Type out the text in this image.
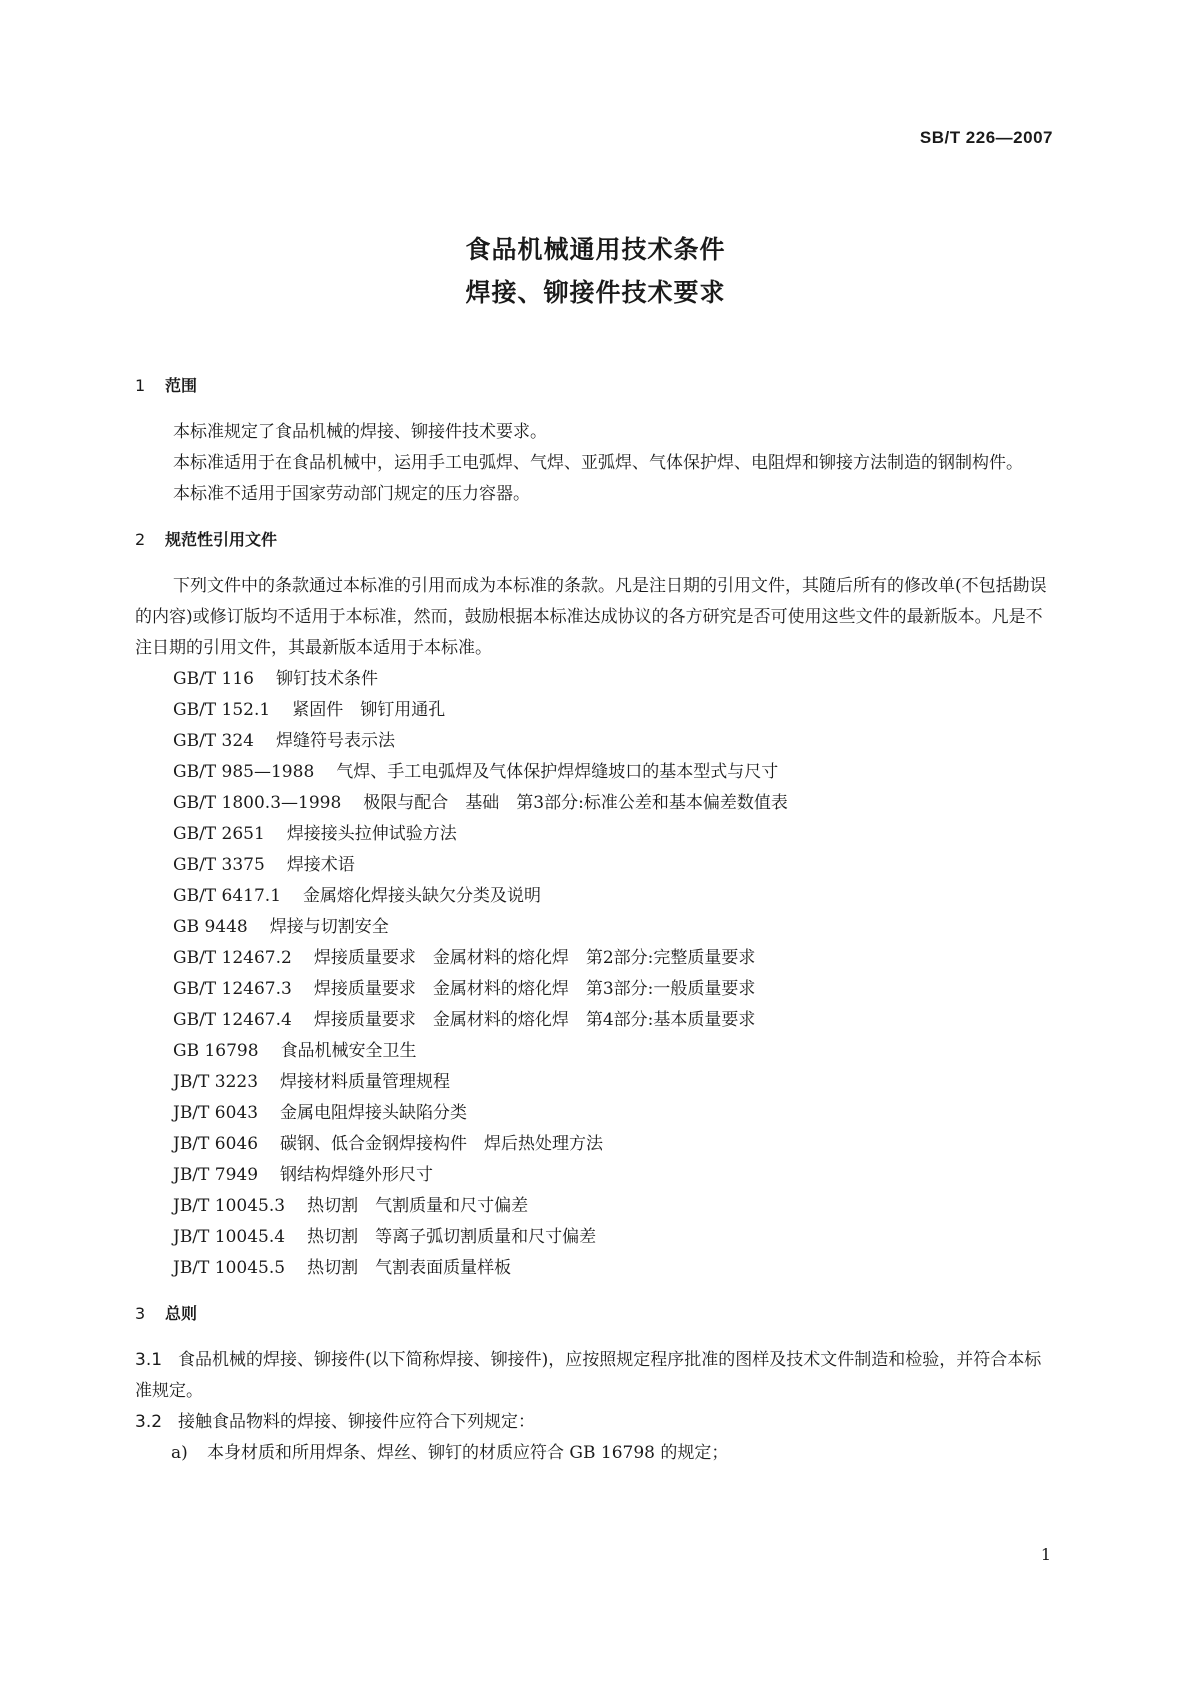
SB/T 226—2007
食品机械通用技术条件
焊接、铆接件技术要求
1 范围

本标准规定了食品机械的焊接、铆接件技术要求。

本标准适用于在食品机械中，运用手工电弧焊、气焊、亚弧焊、气体保护焊、电阻焊和铆接方法制造的钢制构件。

本标准不适用于国家劳动部门规定的压力容器。

2 规范性引用文件

下列文件中的条款通过本标准的引用而成为本标准的条款。凡是注日期的引用文件，其随后所有的修改单(不包括勘误的内容)或修订版均不适用于本标准，然而，鼓励根据本标准达成协议的各方研究是否可使用这些文件的最新版本。凡是不注日期的引用文件，其最新版本适用于本标准。

GB/T 116 铆钉技术条件
GB/T 152.1 紧固件　铆钉用通孔
GB/T 324 焊缝符号表示法
GB/T 985—1988 气焊、手工电弧焊及气体保护焊焊缝坡口的基本型式与尺寸
GB/T 1800.3—1998 极限与配合　基础　第3部分:标准公差和基本偏差数值表
GB/T 2651 焊接接头拉伸试验方法
GB/T 3375 焊接术语
GB/T 6417.1 金属熔化焊接头缺欠分类及说明
GB 9448 焊接与切割安全
GB/T 12467.2 焊接质量要求　金属材料的熔化焊　第2部分:完整质量要求
GB/T 12467.3 焊接质量要求　金属材料的熔化焊　第3部分:一般质量要求
GB/T 12467.4 焊接质量要求　金属材料的熔化焊　第4部分:基本质量要求
GB 16798 食品机械安全卫生
JB/T 3223 焊接材料质量管理规程
JB/T 6043 金属电阻焊接头缺陷分类
JB/T 6046 碳钢、低合金钢焊接构件　焊后热处理方法
JB/T 7949 钢结构焊缝外形尺寸
JB/T 10045.3 热切割　气割质量和尺寸偏差
JB/T 10045.4 热切割　等离子弧切割质量和尺寸偏差
JB/T 10045.5 热切割　气割表面质量样板
3 总则

3.1 食品机械的焊接、铆接件(以下简称焊接、铆接件)，应按照规定程序批准的图样及技术文件制造和检验，并符合本标准规定。

3.2 接触食品物料的焊接、铆接件应符合下列规定：

a) 本身材质和所用焊条、焊丝、铆钉的材质应符合 GB 16798 的规定；

1
